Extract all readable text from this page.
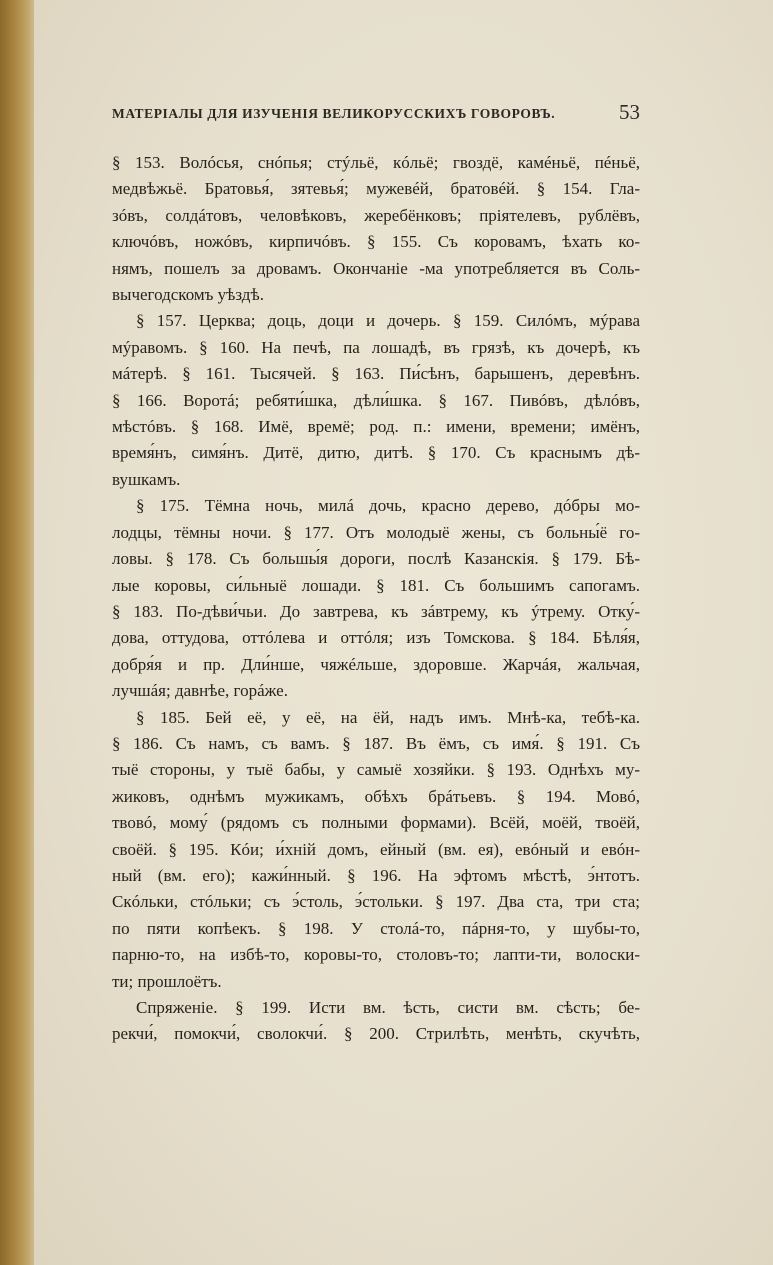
МАТЕРІАЛЫ ДЛЯ ИЗУЧЕНІЯ ВЕЛИКОРУССКИХЪ ГОВОРОВЪ.	53
§ 153. Волóсья, снóпья; стýльё, кóльё; гвоздё, камéньё, пéньё,
медвѣжьё. Братовья́, зятевья́; мужевéй, братовéй. § 154. Гла-
зóвъ, солдáтовъ, человѣковъ, жеребёнковъ; пріятелевъ, рублёвъ,
ключóвъ, ножóвъ, кирпичóвъ. § 155. Съ коровамъ, ѣхать ко-
нямъ, пошелъ за дровамъ. Окончаніе -ма употребляется въ Соль-
вычегодскомъ уѣздѣ.
§ 157. Церква; доць, доци и дочерь. § 159. Силóмъ, мýрава
мýравомъ. § 160. На печѣ, па лошадѣ, въ грязѣ, къ дочерѣ, къ
мáтерѣ. § 161. Тысячей. § 163. Пи́сѣнъ, барышенъ, деревѣнъ.
§ 166. Воротá; ребяти́шка, дѣли́шка. § 167. Пивóвъ, дѣлóвъ,
мѣстóвъ. § 168. Имё, времё; род. п.: имени, времени; имёнъ,
время́нъ, симя́нъ. Дитё, дитю, дитѣ. § 170. Съ краснымъ дѣ-
вушкамъ.
§ 175. Тёмна ночь, милá дочь, красно дерево, дóбры мо-
лодцы, тёмны ночи. § 177. Отъ молодыё жены, съ больны́ё го-
ловы. § 178. Съ большы́я дороги, послѣ Казанскія. § 179. Бѣ-
лые коровы, си́льныё лошади. § 181. Съ большимъ сапогамъ.
§ 183. По-дѣви́чьи. До завтрева, къ зáвтрему, къ ýтрему. Отку́-
дова, оттудова, оттóлева и оттóля; изъ Томскова. § 184. Бѣля́я,
добря́я и пр. Дли́нше, чяжéльше, здоровше. Жарчáя, жальчая,
лучшáя; давнѣе, горáже.
§ 185. Бей её, у её, на ёй, надъ имъ. Мнѣ-ка, тебѣ-ка.
§ 186. Съ намъ, съ вамъ. § 187. Въ ёмъ, съ имя́. § 191. Съ
тыё стороны, у тыё бабы, у самыё хозяйки. § 193. Однѣхъ му-
жиковъ, однѣмъ мужикамъ, обѣхъ брáтьевъ. § 194. Мовó,
твовó, мому́ (рядомъ съ полными формами). Всёй, моёй, твоёй,
своёй. § 195. Кóи; и́хній домъ, ейный (вм. ея), евóный и евóн-
ный (вм. его); кажи́нный. § 196. На эфтомъ мѣстѣ, э́нтотъ.
Скóльки, стóльки; съ э́столь, э́стольки. § 197. Два ста, три ста;
по пяти копѣекъ. § 198. У столá-то, пáрня-то, у шубы-то,
парню-то, на избѣ-то, коровы-то, столовъ-то; лапти-ти, волоски-
ти; прошлоётъ.
Спряженіе. § 199. Исти вм. ѣсть, систи вм. сѣсть; бе-
рекчи́, помокчи́, сволокчи́. § 200. Стрилѣть, менѣть, скучѣть,
